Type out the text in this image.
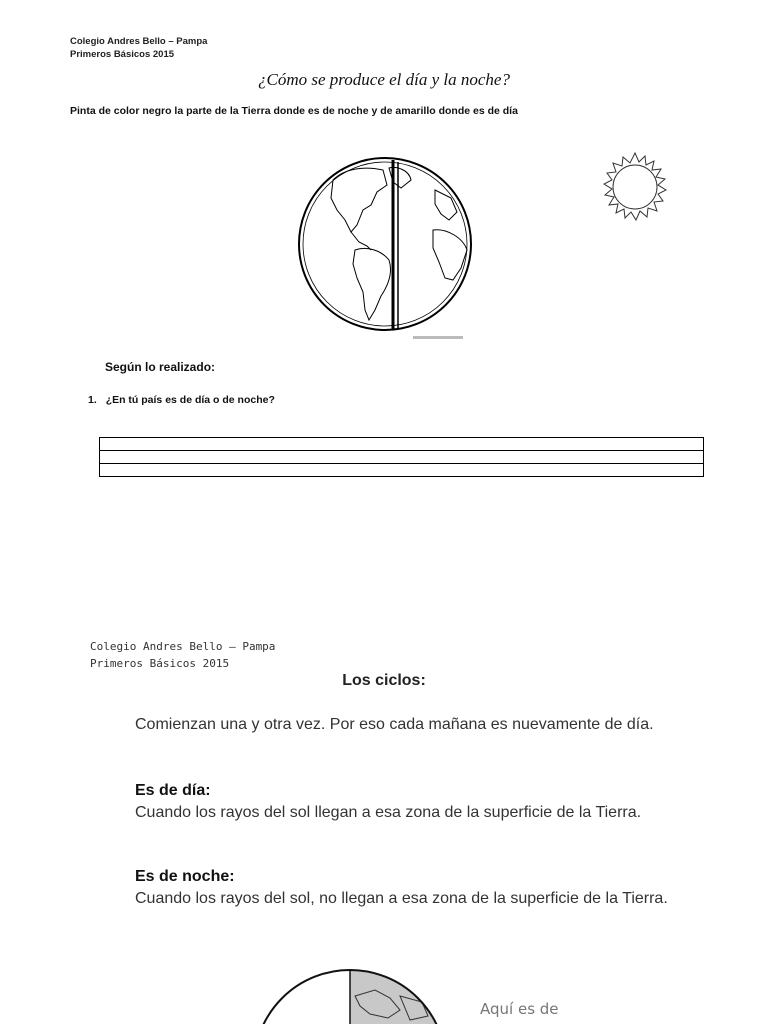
Colegio Andres Bello – Pampa
Primeros Básicos 2015
¿Cómo se produce el día y la noche?
Pinta de color negro la parte de la Tierra donde es de noche y de amarillo donde es de día
Según lo realizado:
1. ¿En tú país es de día o de noche?

Colegio Andres Bello – Pampa
Primeros Básicos 2015
Los ciclos:
Comienzan una y otra vez. Por eso cada mañana es nuevamente de día.
Es de día:
Cuando los rayos del sol llegan a esa zona de la superficie de la Tierra.
Es de noche:
Cuando los rayos del sol, no llegan a esa zona de la superficie de la Tierra.
Aquí es de
